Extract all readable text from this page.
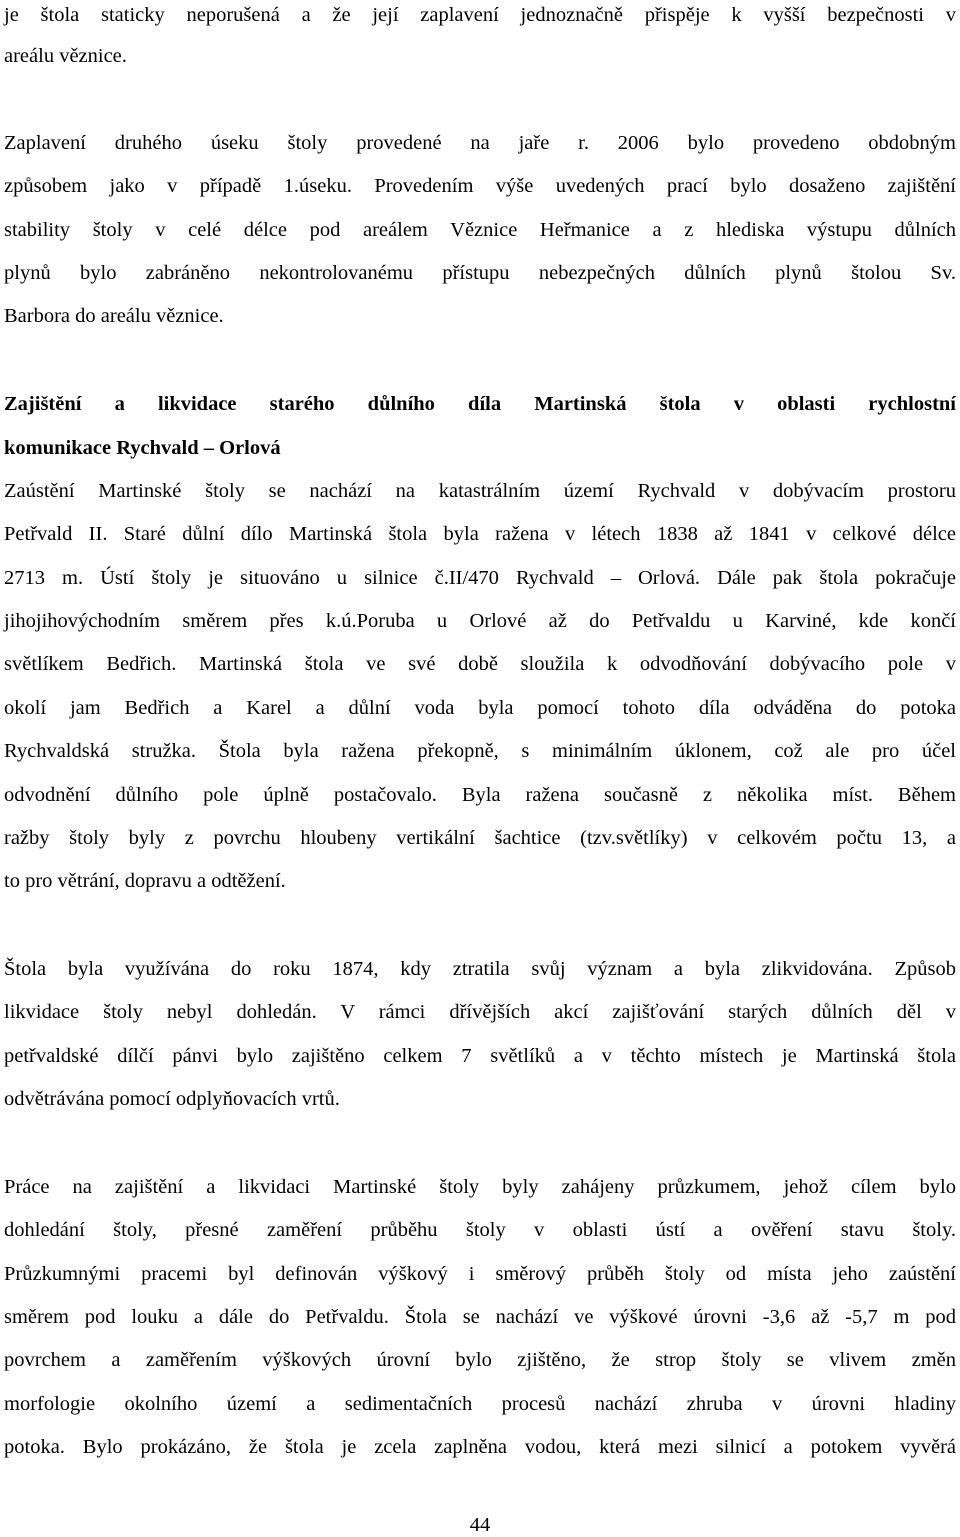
je štola staticky neporušená a že její zaplavení jednoznačně přispěje k vyšší bezpečnosti v
areálu věznice.
Zaplavení druhého úseku štoly provedené na jaře r. 2006 bylo provedeno obdobným
způsobem jako v případě 1.úseku. Provedením výše uvedených prací bylo dosaženo zajištění
stability štoly v celé délce pod areálem Věznice Heřmanice a z hlediska výstupu důlních
plynů bylo zabráněno nekontrolovanému přístupu nebezpečných důlních plynů štolou Sv.
Barbora do areálu věznice.
Zajištění a likvidace starého důlního díla Martinská štola v oblasti rychlostní
komunikace Rychvald – Orlová
Zaústění Martinské štoly se nachází na katastrálním území Rychvald v dobývacím prostoru
Petřvald II. Staré důlní dílo Martinská štola byla ražena v létech 1838 až 1841 v celkové délce
2713 m. Ústí štoly je situováno u silnice č.II/470 Rychvald – Orlová. Dále pak štola pokračuje
jihojihovýchodním směrem přes k.ú.Poruba u Orlové až do Petřvaldu u Karviné, kde končí
světlíkem Bedřich. Martinská štola ve své době sloužila k odvodňování dobývacího pole v
okolí jam Bedřich a Karel a důlní voda byla pomocí tohoto díla odváděna do potoka
Rychvaldská stružka. Štola byla ražena překopně, s minimálním úklonem, což ale pro účel
odvodnění důlního pole úplně postačovalo. Byla ražena současně z několika míst. Během
ražby štoly byly z povrchu hloubeny vertikální šachtice (tzv.světlíky) v celkovém počtu 13, a
to pro větrání, dopravu a odtěžení.
Štola byla využívána do roku 1874, kdy ztratila svůj význam a byla zlikvidována. Způsob
likvidace štoly nebyl dohledán. V rámci dřívějších akcí zajišťování starých důlních děl v
petřvaldské dílčí pánvi bylo zajištěno celkem 7 světlíků a v těchto místech je Martinská štola
odvětrávána pomocí odplyňovacích vrtů.
Práce na zajištění a likvidaci Martinské štoly byly zahájeny průzkumem, jehož cílem bylo
dohledání štoly, přesné zaměření průběhu štoly v oblasti ústí a ověření stavu štoly.
Průzkumnými pracemi byl definován výškový i směrový průběh štoly od místa jeho zaústění
směrem pod louku a dále do Petřvaldu. Štola se nachází ve výškové úrovni -3,6 až -5,7 m pod
povrchem a zaměřením výškových úrovní bylo zjištěno, že strop štoly se vlivem změn
morfologie okolního území a sedimentačních procesů nachází zhruba v úrovni hladiny
potoka. Bylo prokázáno, že štola je zcela zaplněna vodou, která mezi silnicí a potokem vyvěrá
44
